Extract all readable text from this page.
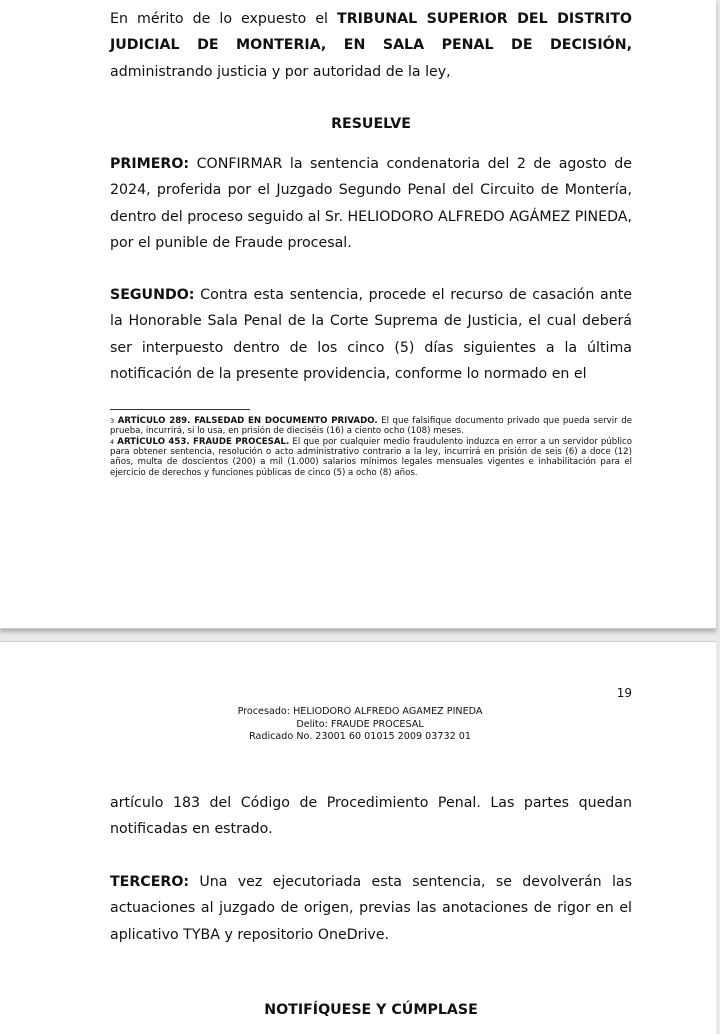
En mérito de lo expuesto el TRIBUNAL SUPERIOR DEL DISTRITO JUDICIAL DE MONTERIA, EN SALA PENAL DE DECISIÓN, administrando justicia y por autoridad de la ley,

RESUELVE

PRIMERO: CONFIRMAR la sentencia condenatoria del 2 de agosto de 2024, proferida por el Juzgado Segundo Penal del Circuito de Montería, dentro del proceso seguido al Sr. HELIODORO ALFREDO AGÁMEZ PINEDA, por el punible de Fraude procesal.

SEGUNDO: Contra esta sentencia, procede el recurso de casación ante la Honorable Sala Penal de la Corte Suprema de Justicia, el cual deberá ser interpuesto dentro de los cinco (5) días siguientes a la última notificación de la presente providencia, conforme lo normado en el

$^3$ ARTÍCULO 289. FALSEDAD EN DOCUMENTO PRIVADO. El que falsifique documento privado que pueda servir de prueba, incurrirá, si lo usa, en prisión de dieciséis (16) a ciento ocho (108) meses.

$^4$ ARTÍCULO 453. FRAUDE PROCESAL. El que por cualquier medio fraudulento induzca en error a un servidor público para obtener sentencia, resolución o acto administrativo contrario a la ley, incurrirá en prisión de seis (6) a doce (12) años, multa de doscientos (200) a mil (1.000) salarios mínimos legales mensuales vigentes e inhabilitación para el ejercicio de derechos y funciones públicas de cinco (5) a ocho (8) años.

19
Procesado: HELIODORO ALFREDO AGAMEZ PINEDA
Delito: FRAUDE PROCESAL
Radicado No. 23001 60 01015 2009 03732 01

artículo 183 del Código de Procedimiento Penal. Las partes quedan notificadas en estrado.

TERCERO: Una vez ejecutoriada esta sentencia, se devolverán las actuaciones al juzgado de origen, previas las anotaciones de rigor en el aplicativo TYBA y repositorio OneDrive.

NOTIFÍQUESE Y CÚMPLASE
